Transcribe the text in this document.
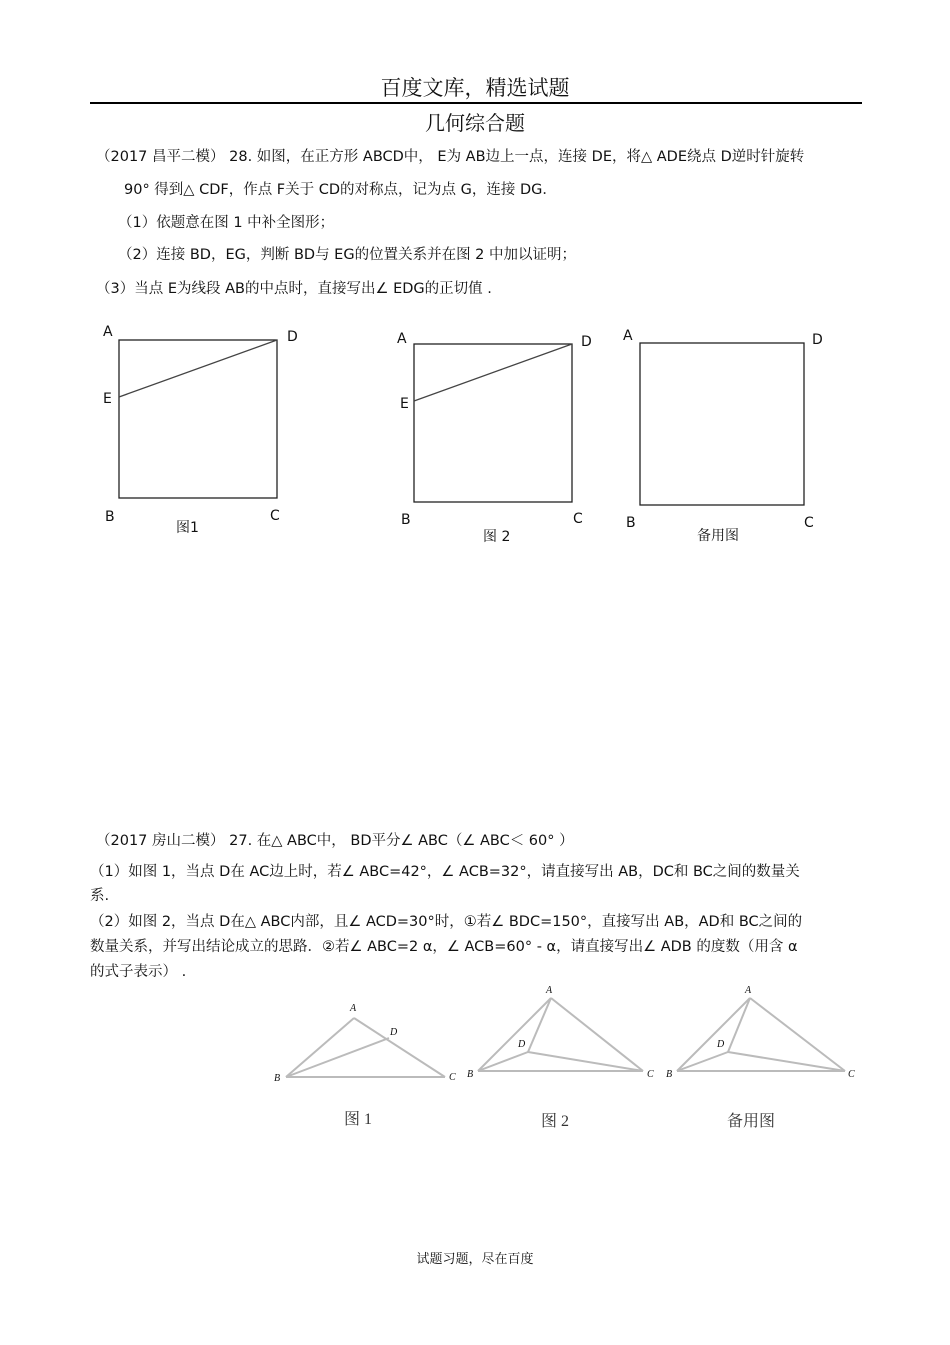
百度文库，精选试题
几何综合题
（2017 昌平二模） 28. 如图，在正方形 ABCD中， E为 AB边上一点，连接 DE，将△ ADE绕点 D逆时针旋转
90° 得到△ CDF，作点 F关于 CD的对称点，记为点 G，连接 DG．
（1）依题意在图 1 中补全图形；
（2）连接 BD，EG，判断 BD与 EG的位置关系并在图 2 中加以证明；
（3）当点 E为线段 AB的中点时，直接写出∠ EDG的正切值 .
A	D
E
B	C
图1
A	D
E
B	C
图 2
A	D
B	C
备用图
（2017 房山二模） 27. 在△ ABC中， BD平分∠ ABC（∠ ABC＜ 60° ）
（1）如图 1，当点 D在 AC边上时，若∠ ABC=42°，∠ ACB=32°，请直接写出 AB，DC和 BC之间的数量关
系.
（2）如图 2，当点 D在△ ABC内部，且∠ ACD=30°时，①若∠ BDC=150°，直接写出 AB，AD和 BC之间的
数量关系，并写出结论成立的思路．②若∠ ABC=2 α，∠ ACB=60° - α，请直接写出∠ ADB 的度数（用含 α
的式子表示） .
A
D
B	C
图 1
A
D
B	C
图 2
A
D
B	C
备用图
试题习题，尽在百度
